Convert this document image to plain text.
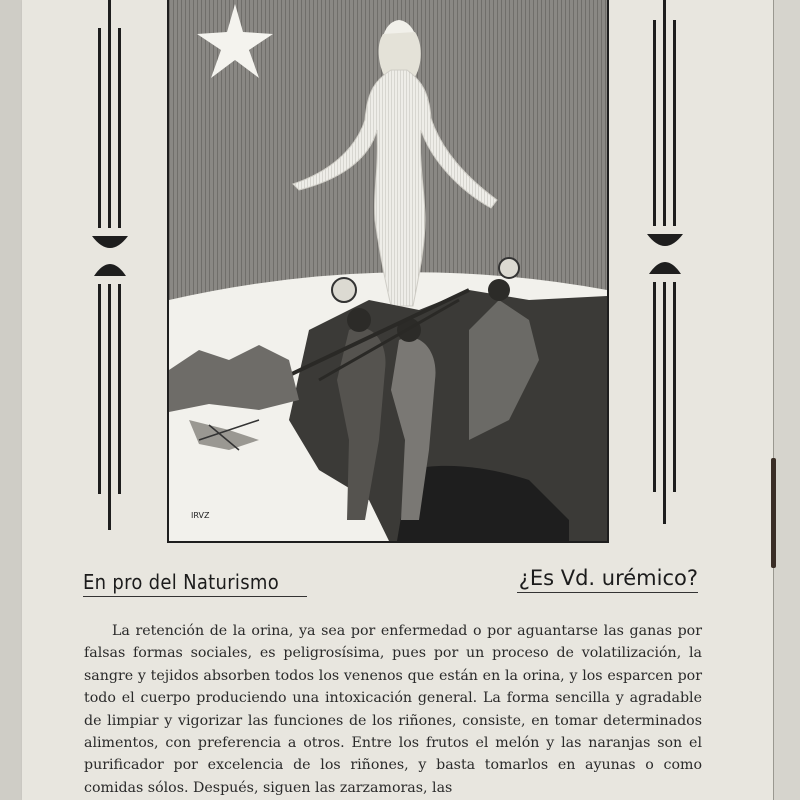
IRVZ
En pro del Naturismo	¿Es Vd. urémico?

La retención de la orina, ya sea por enfermedad o por aguantarse las ganas por falsas formas sociales, es peligrosísima, pues por un proceso de volatilización, la sangre y tejidos absorben todos los venenos que están en la orina, y los esparcen por todo el cuerpo produciendo una intoxicación general. La forma sencilla y agradable de limpiar y vigorizar las funciones de los riñones, consiste, en tomar determinados alimentos, con preferencia a otros. Entre los frutos el melón y las naranjas son el purificador por excelencia de los riñones, y basta tomarlos en ayunas o como comidas sólos. Después, siguen las zarzamoras, las
